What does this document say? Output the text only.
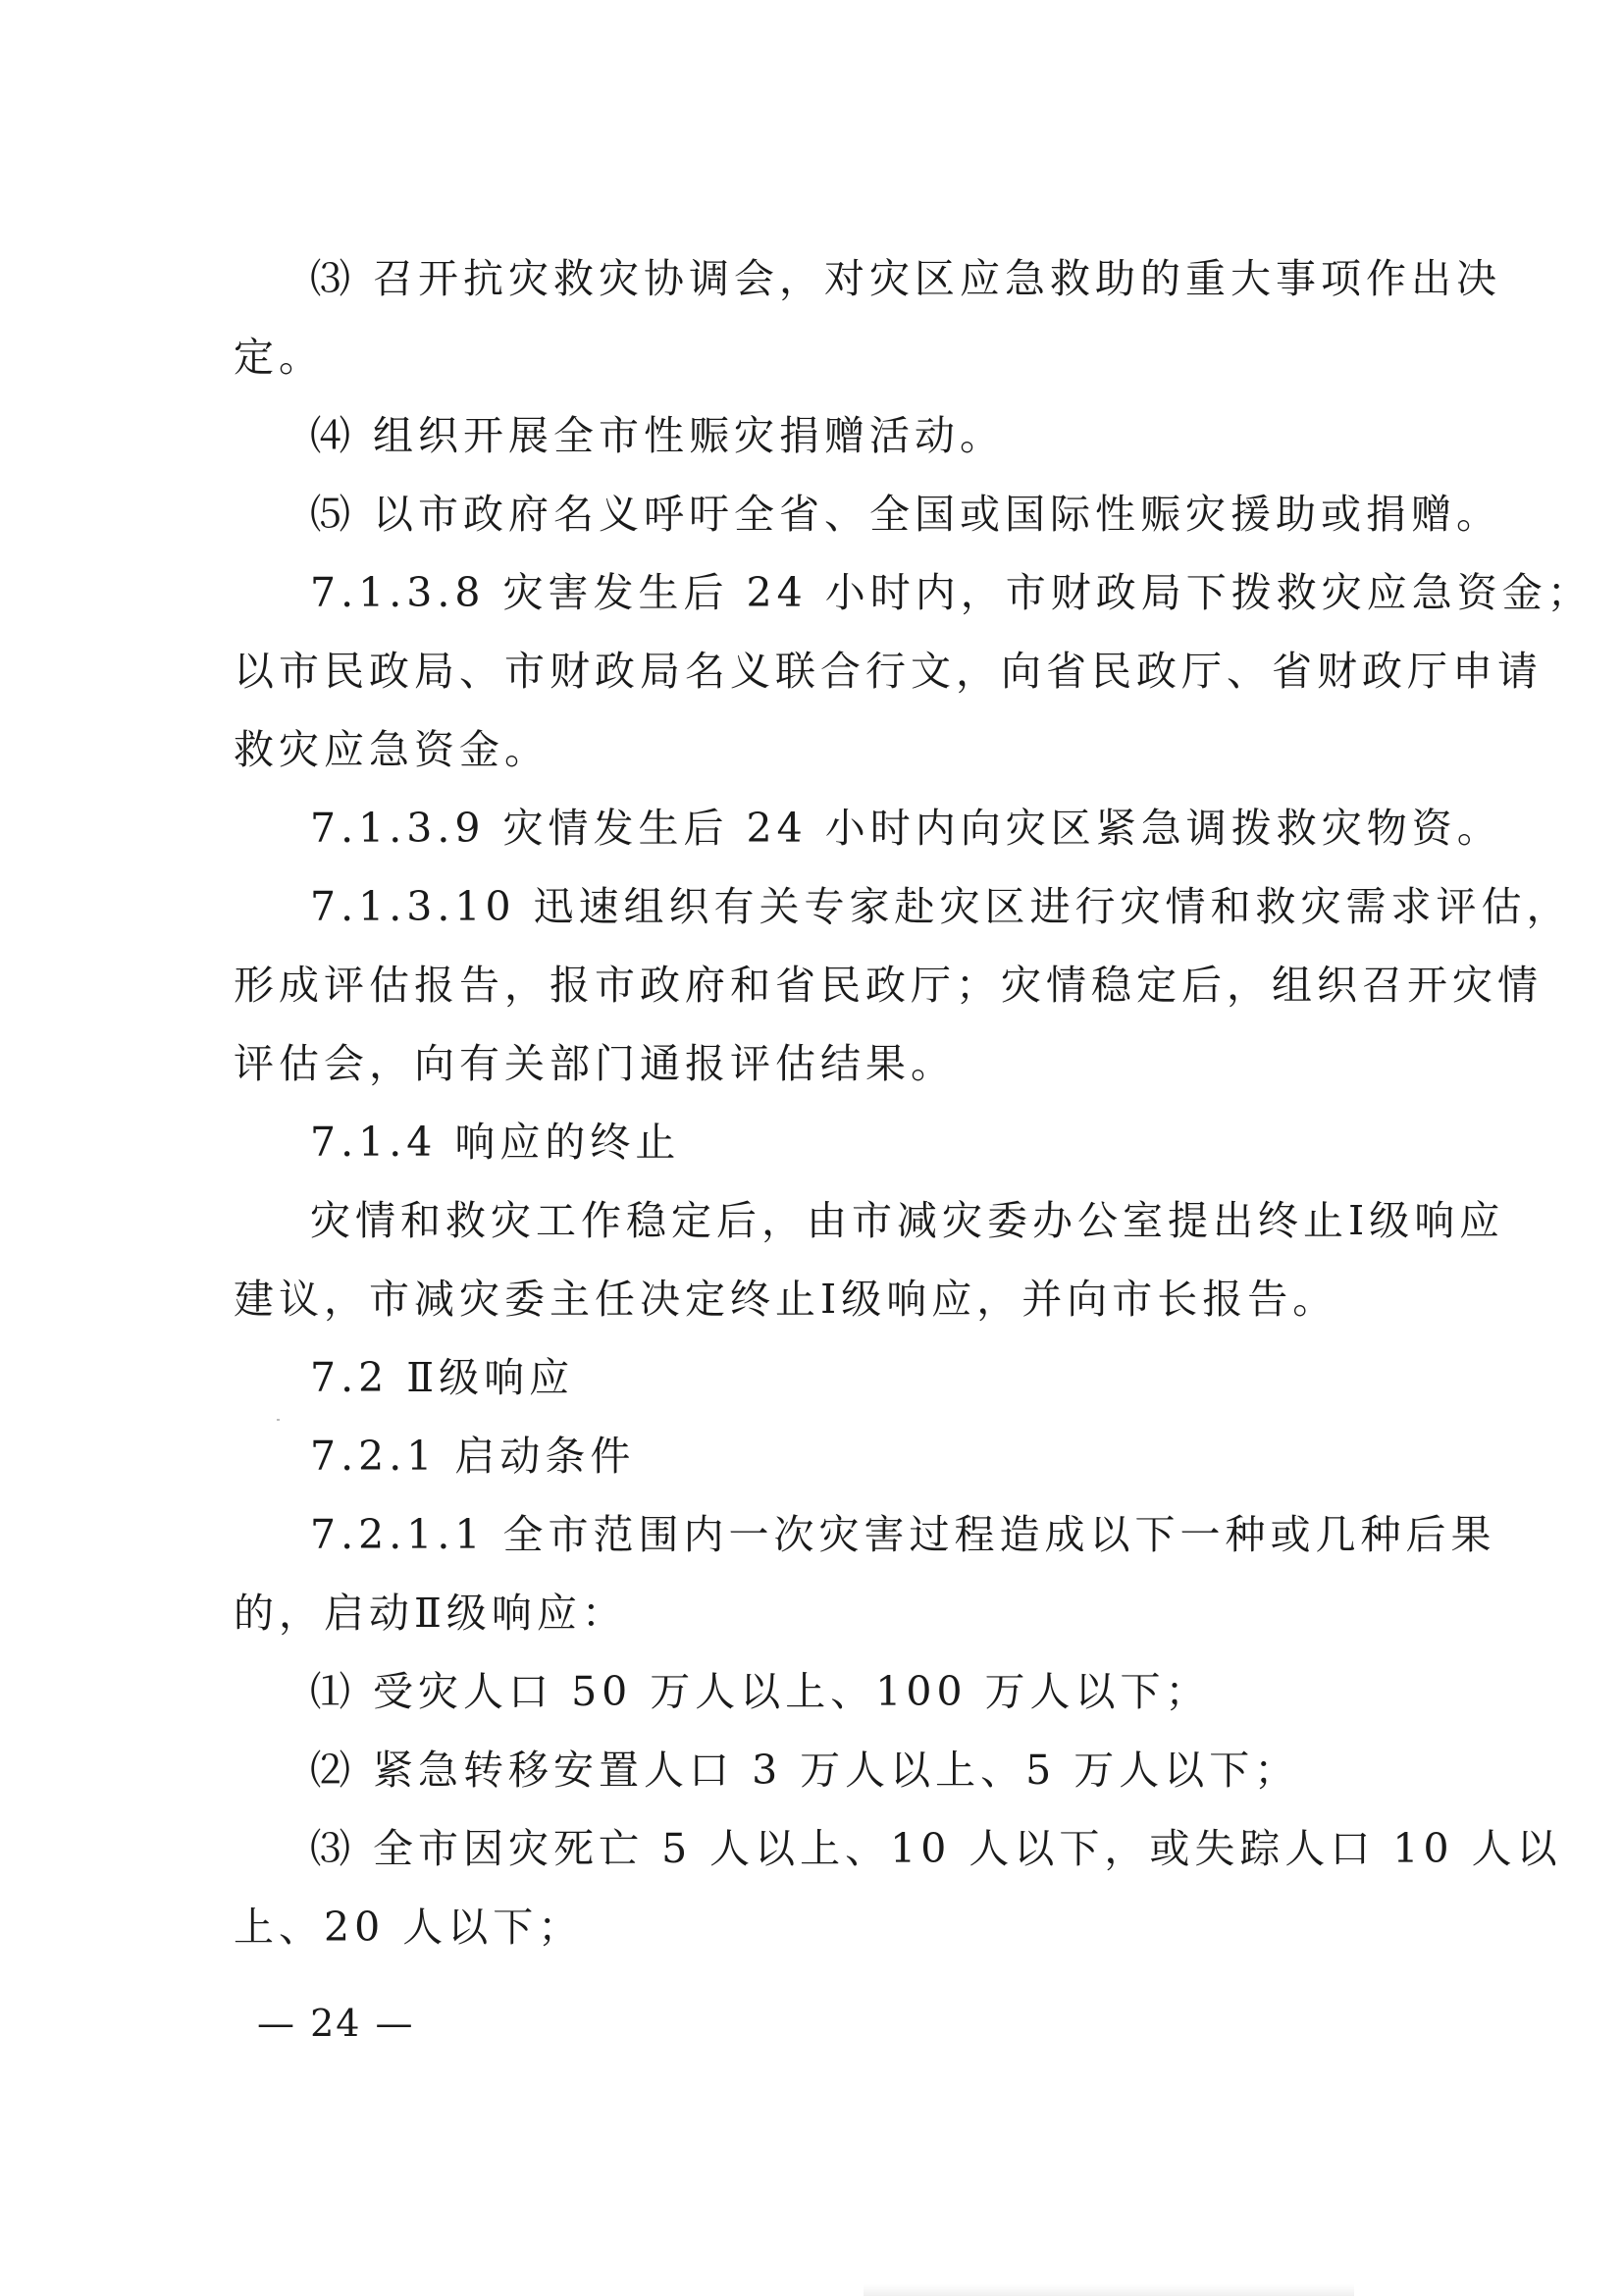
⑶ 召开抗灾救灾协调会，对灾区应急救助的重大事项作出决
定。
⑷ 组织开展全市性赈灾捐赠活动。
⑸ 以市政府名义呼吁全省、全国或国际性赈灾援助或捐赠。
7.1.3.8 灾害发生后 24 小时内，市财政局下拨救灾应急资金；
以市民政局、市财政局名义联合行文，向省民政厅、省财政厅申请
救灾应急资金。
7.1.3.9 灾情发生后 24 小时内向灾区紧急调拨救灾物资。
7.1.3.10 迅速组织有关专家赴灾区进行灾情和救灾需求评估，
形成评估报告，报市政府和省民政厅；灾情稳定后，组织召开灾情
评估会，向有关部门通报评估结果。
7.1.4 响应的终止
灾情和救灾工作稳定后，由市减灾委办公室提出终止Ⅰ级响应
建议，市减灾委主任决定终止Ⅰ级响应，并向市长报告。
7.2 Ⅱ级响应
7.2.1 启动条件
7.2.1.1 全市范围内一次灾害过程造成以下一种或几种后果
的，启动Ⅱ级响应：
⑴ 受灾人口 50 万人以上、100 万人以下；
⑵ 紧急转移安置人口 3 万人以上、5 万人以下；
⑶ 全市因灾死亡 5 人以上、10 人以下，或失踪人口 10 人以
上、20 人以下；
— 24 —
